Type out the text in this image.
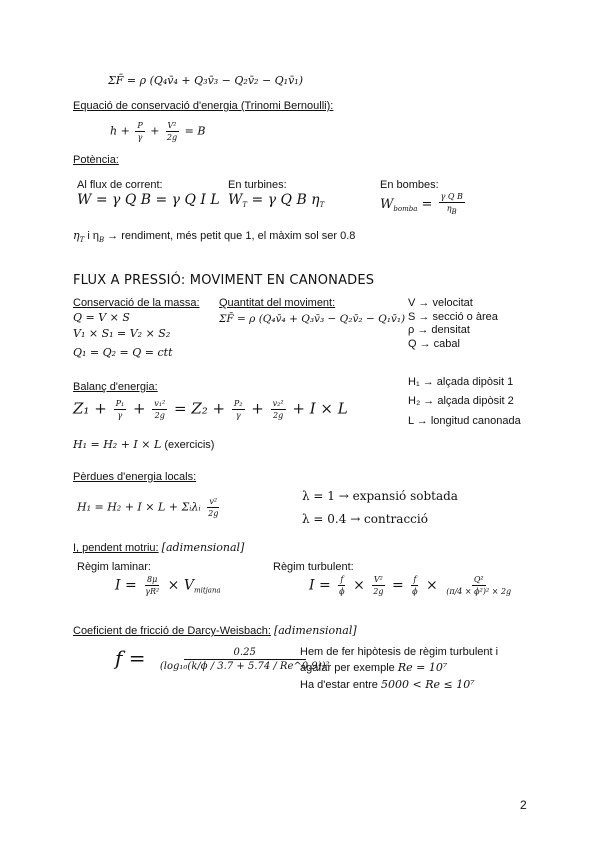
ΣF̄ = ρ (Q₄v̄₄ + Q₃v̄₃ − Q₂v̄₂ − Q₁v̄₁)
Equació de conservació d'energia (Trinomi Bernoulli):
$h + \frac{P}{\gamma} + \frac{\text{V²}}{2g} = B$
Potència:
Al flux de corrent:
W = γ Q B = γ Q I L
En turbines:
$W_T = \gamma$ Q B $\eta_T$
En bombes:
$W_{bomba} = \frac{\text{γ Q B}}{\eta B}$
$\eta_T$ i $\eta_B$ → rendiment, més petit que 1, el màxim sol ser 0.8
FLUX A PRESSIÓ: MOVIMENT EN CANONADES
Conservació de la massa:
Q = V × S
V₁ × S₁ = V₂ × S₂
Q₁ = Q₂ = Q = ctt
Quantitat del moviment:
ΣF̄ = ρ (Q₄v̄₄ + Q₃v̄₃ − Q₂v̄₂ − Q₁v̄₁)
V → velocitat
S → secció o àrea
ρ → densitat
Q → cabal
Balanç d'energia:
$Z_1 + \frac{\text{P₁}}{\gamma} + \frac{\text{v₁²}}{2g} = Z_2 + \frac{\text{P₂}}{\gamma} + \frac{\text{v₂²}}{2g} + I \times L$
H₁ = H₂ + I × L (exercicis)
H₁ → alçada dipòsit 1
H₂ → alçada dipòsit 2
L → longitud canonada
Pèrdues d'energia locals:
H₁ = H₂ + I × L + Σᵢλᵢ $\frac{\text{v²}}{2g}$	λ = 1 → expansió sobtada
λ = 0.4 → contracció
I, pendent motriu: [adimensional]
Règim laminar:
$I = \frac{8\mu}{\text{γR²}} \times V_{mitjana}$
Règim turbulent:
$I = \frac{f}{\phi} \times \frac{\text{V²}}{2g} = \frac{f}{\phi} \times \frac{\text{Q²}}{\text{(π/4 × ϕ²)² × 2g}}$
Coeficient de fricció de Darcy-Weisbach: [adimensional]
$f = \frac{0.25}{\text{(log₁₀(k/ϕ / 3.7 + 5.74 / Re\textasciicircum{}0.9))²}}$
Hem de fer hipòtesis de règim turbulent i
agafar per exemple Re = 10⁷
Ha d'estar entre 5000 < Re ≤ 10⁷
2
